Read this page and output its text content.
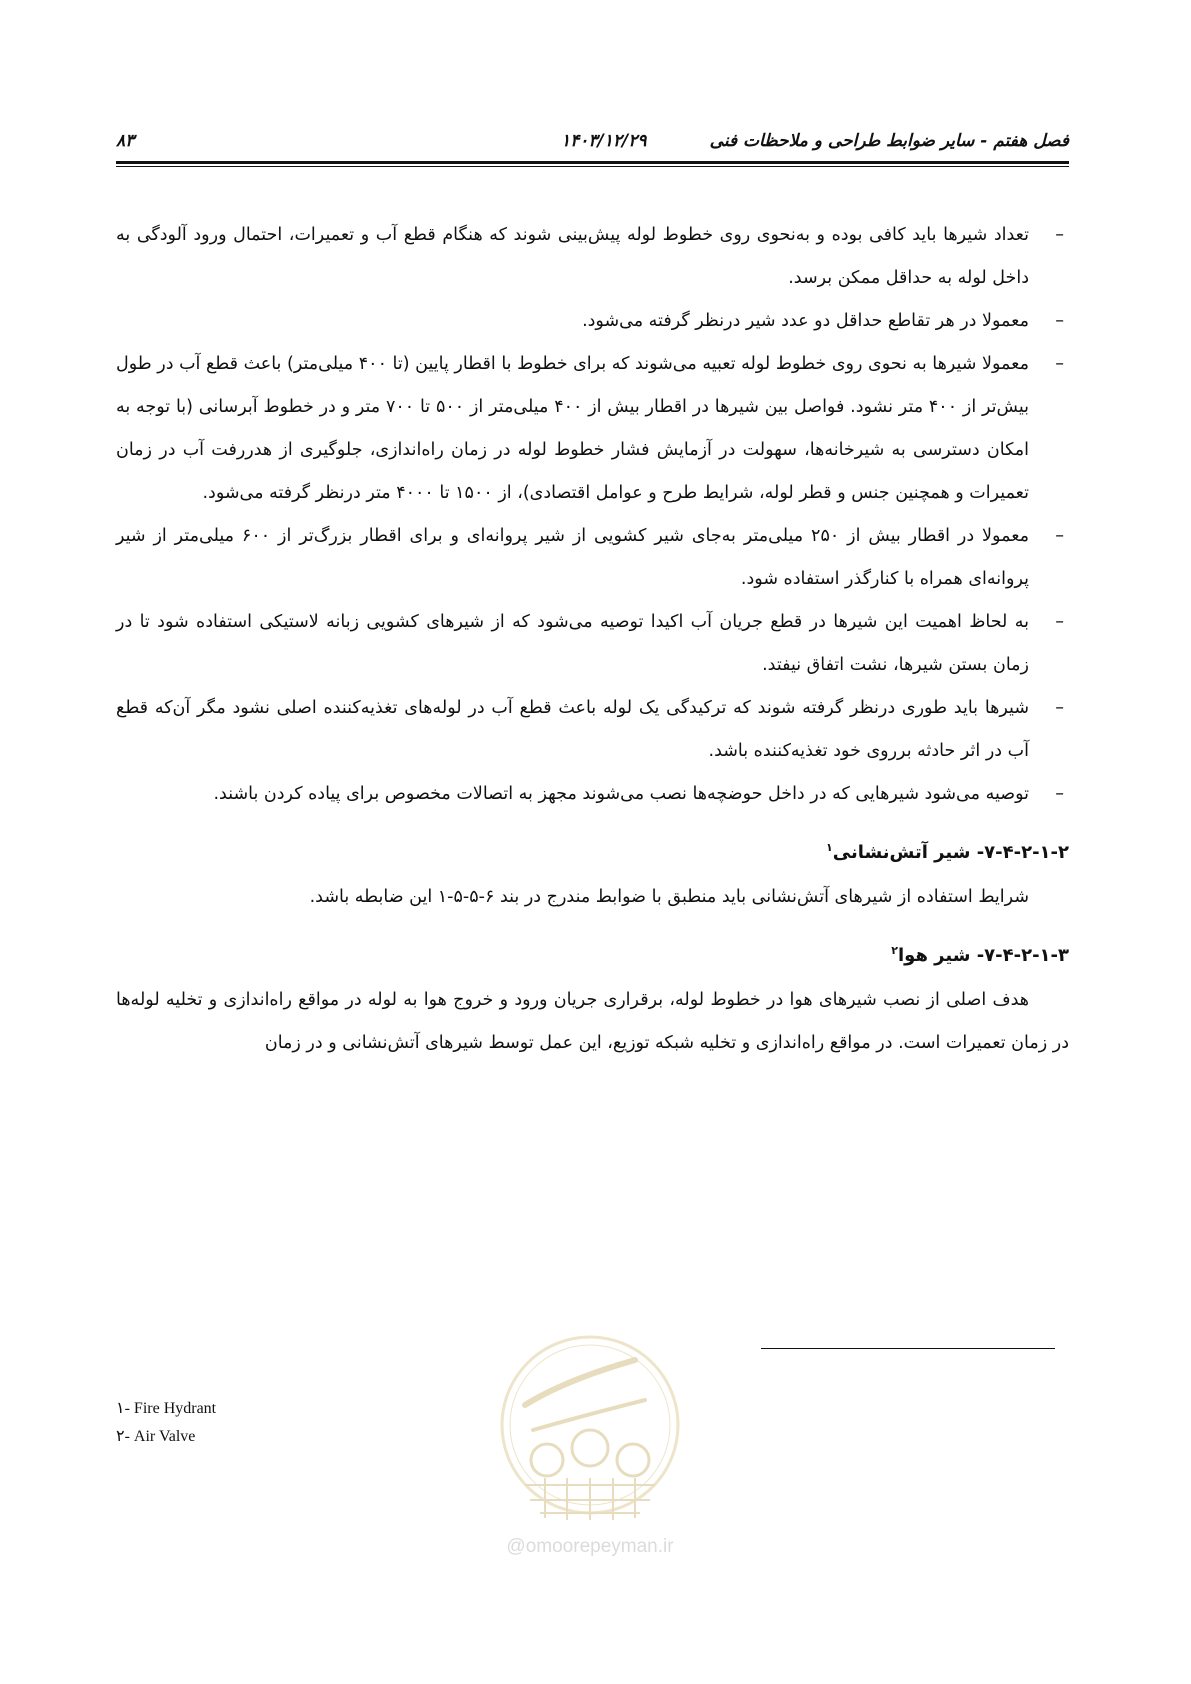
فصل هفتم - سایر ضوابط طراحی و ملاحظات فنی
۱۴۰۳/۱۲/۲۹
۸۳
–
تعداد شیرها باید کافی بوده و به‌نحوی روی خطوط لوله پیش‌بینی شوند که هنگام قطع آب و تعمیرات، احتمال ورود آلودگی به داخل لوله به حداقل ممکن برسد.
–
معمولا در هر تقاطع حداقل دو عدد شیر درنظر گرفته می‌شود.
–
معمولا شیرها به نحوی روی خطوط لوله تعبیه می‌شوند که برای خطوط با اقطار پایین (تا ۴۰۰ میلی‌متر) باعث قطع آب در طول بیش‌تر از ۴۰۰ متر نشود. فواصل بین شیرها در اقطار بیش از ۴۰۰ میلی‌متر از ۵۰۰ تا ۷۰۰ متر و در خطوط آبرسانی (با توجه به امکان دسترسی به شیرخانه‌ها، سهولت در آزمایش فشار خطوط لوله در زمان راه‌اندازی، جلوگیری از هدررفت آب در زمان تعمیرات و همچنین جنس و قطر لوله، شرایط طرح و عوامل اقتصادی)، از ۱۵۰۰ تا ۴۰۰۰ متر درنظر گرفته می‌شود.
–
معمولا در اقطار بیش از ۲۵۰ میلی‌متر به‌جای شیر کشویی از شیر پروانه‌ای و برای اقطار بزرگ‌تر از ۶۰۰ میلی‌متر از شیر پروانه‌ای همراه با کنارگذر استفاده شود.
–
به لحاظ اهمیت این شیرها در قطع جریان آب اکیدا توصیه می‌شود که از شیرهای کشویی زبانه لاستیکی استفاده شود تا در زمان بستن شیرها، نشت اتفاق نیفتد.
–
شیرها باید طوری درنظر گرفته شوند که ترکیدگی یک لوله باعث قطع آب در لوله‌های تغذیه‌کننده اصلی نشود مگر آن‌که قطع آب در اثر حادثه برروی خود تغذیه‌کننده باشد.
–
توصیه می‌شود شیرهایی که در داخل حوضچه‌ها نصب می‌شوند مجهز به اتصالات مخصوص برای پیاده کردن باشند.
۷-۴-۲-۱-۲- شیر آتش‌نشانی$^۱$
شرایط استفاده از شیرهای آتش‌نشانی باید منطبق با ضوابط مندرج در بند ۶-۵-۵-۱ این ضابطه باشد.
۷-۴-۲-۱-۳- شیر هوا$^۲$
هدف اصلی از نصب شیرهای هوا در خطوط لوله، برقراری جریان ورود و خروج هوا به لوله در مواقع راه‌اندازی و تخلیه لوله‌ها در زمان تعمیرات است. در مواقع راه‌اندازی و تخلیه شبکه توزیع، این عمل توسط شیرهای آتش‌نشانی و در زمان
۱- Fire Hydrant
۲- Air Valve
@omoorepeyman.ir
